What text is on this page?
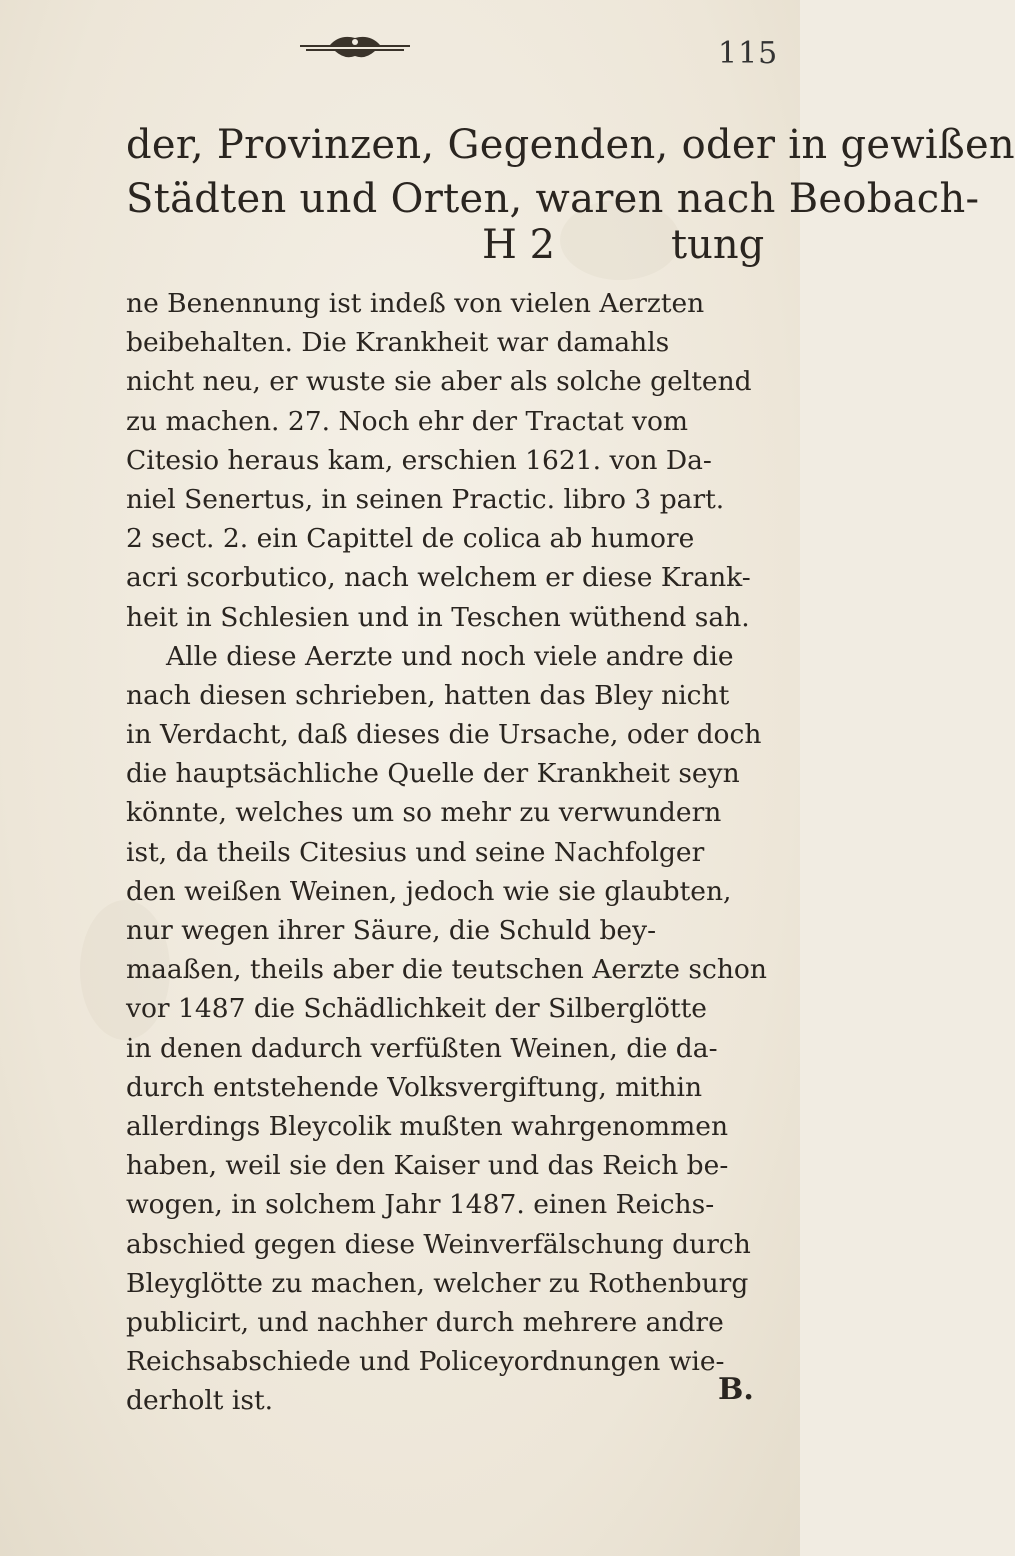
115
der, Provinzen, Gegenden, oder in gewißen
Städten und Orten, waren nach Beobach-
H 2	tung
ne Benennung ist indeß von vielen Aerzten
beibehalten. Die Krankheit war damahls
nicht neu, er wuste sie aber als solche geltend
zu machen. 27. Noch ehr der Tractat vom
Citesio heraus kam, erschien 1621. von Da-
niel Senertus, in seinen Practic. libro 3 part.
2 sect. 2. ein Capittel de colica ab humore
acri scorbutico, nach welchem er diese Krank-
heit in Schlesien und in Teschen wüthend sah.
Alle diese Aerzte und noch viele andre die
nach diesen schrieben, hatten das Bley nicht
in Verdacht, daß dieses die Ursache, oder doch
die hauptsächliche Quelle der Krankheit seyn
könnte, welches um so mehr zu verwundern
ist, da theils Citesius und seine Nachfolger
den weißen Weinen, jedoch wie sie glaubten,
nur wegen ihrer Säure, die Schuld bey-
maaßen, theils aber die teutschen Aerzte schon
vor 1487 die Schädlichkeit der Silberglötte
in denen dadurch verfüßten Weinen, die da-
durch entstehende Volksvergiftung, mithin
allerdings Bleycolik mußten wahrgenommen
haben, weil sie den Kaiser und das Reich be-
wogen, in solchem Jahr 1487. einen Reichs-
abschied gegen diese Weinverfälschung durch
Bleyglötte zu machen, welcher zu Rothenburg
publicirt, und nachher durch mehrere andre
Reichsabschiede und Policeyordnungen wie-
derholt ist.	B.
